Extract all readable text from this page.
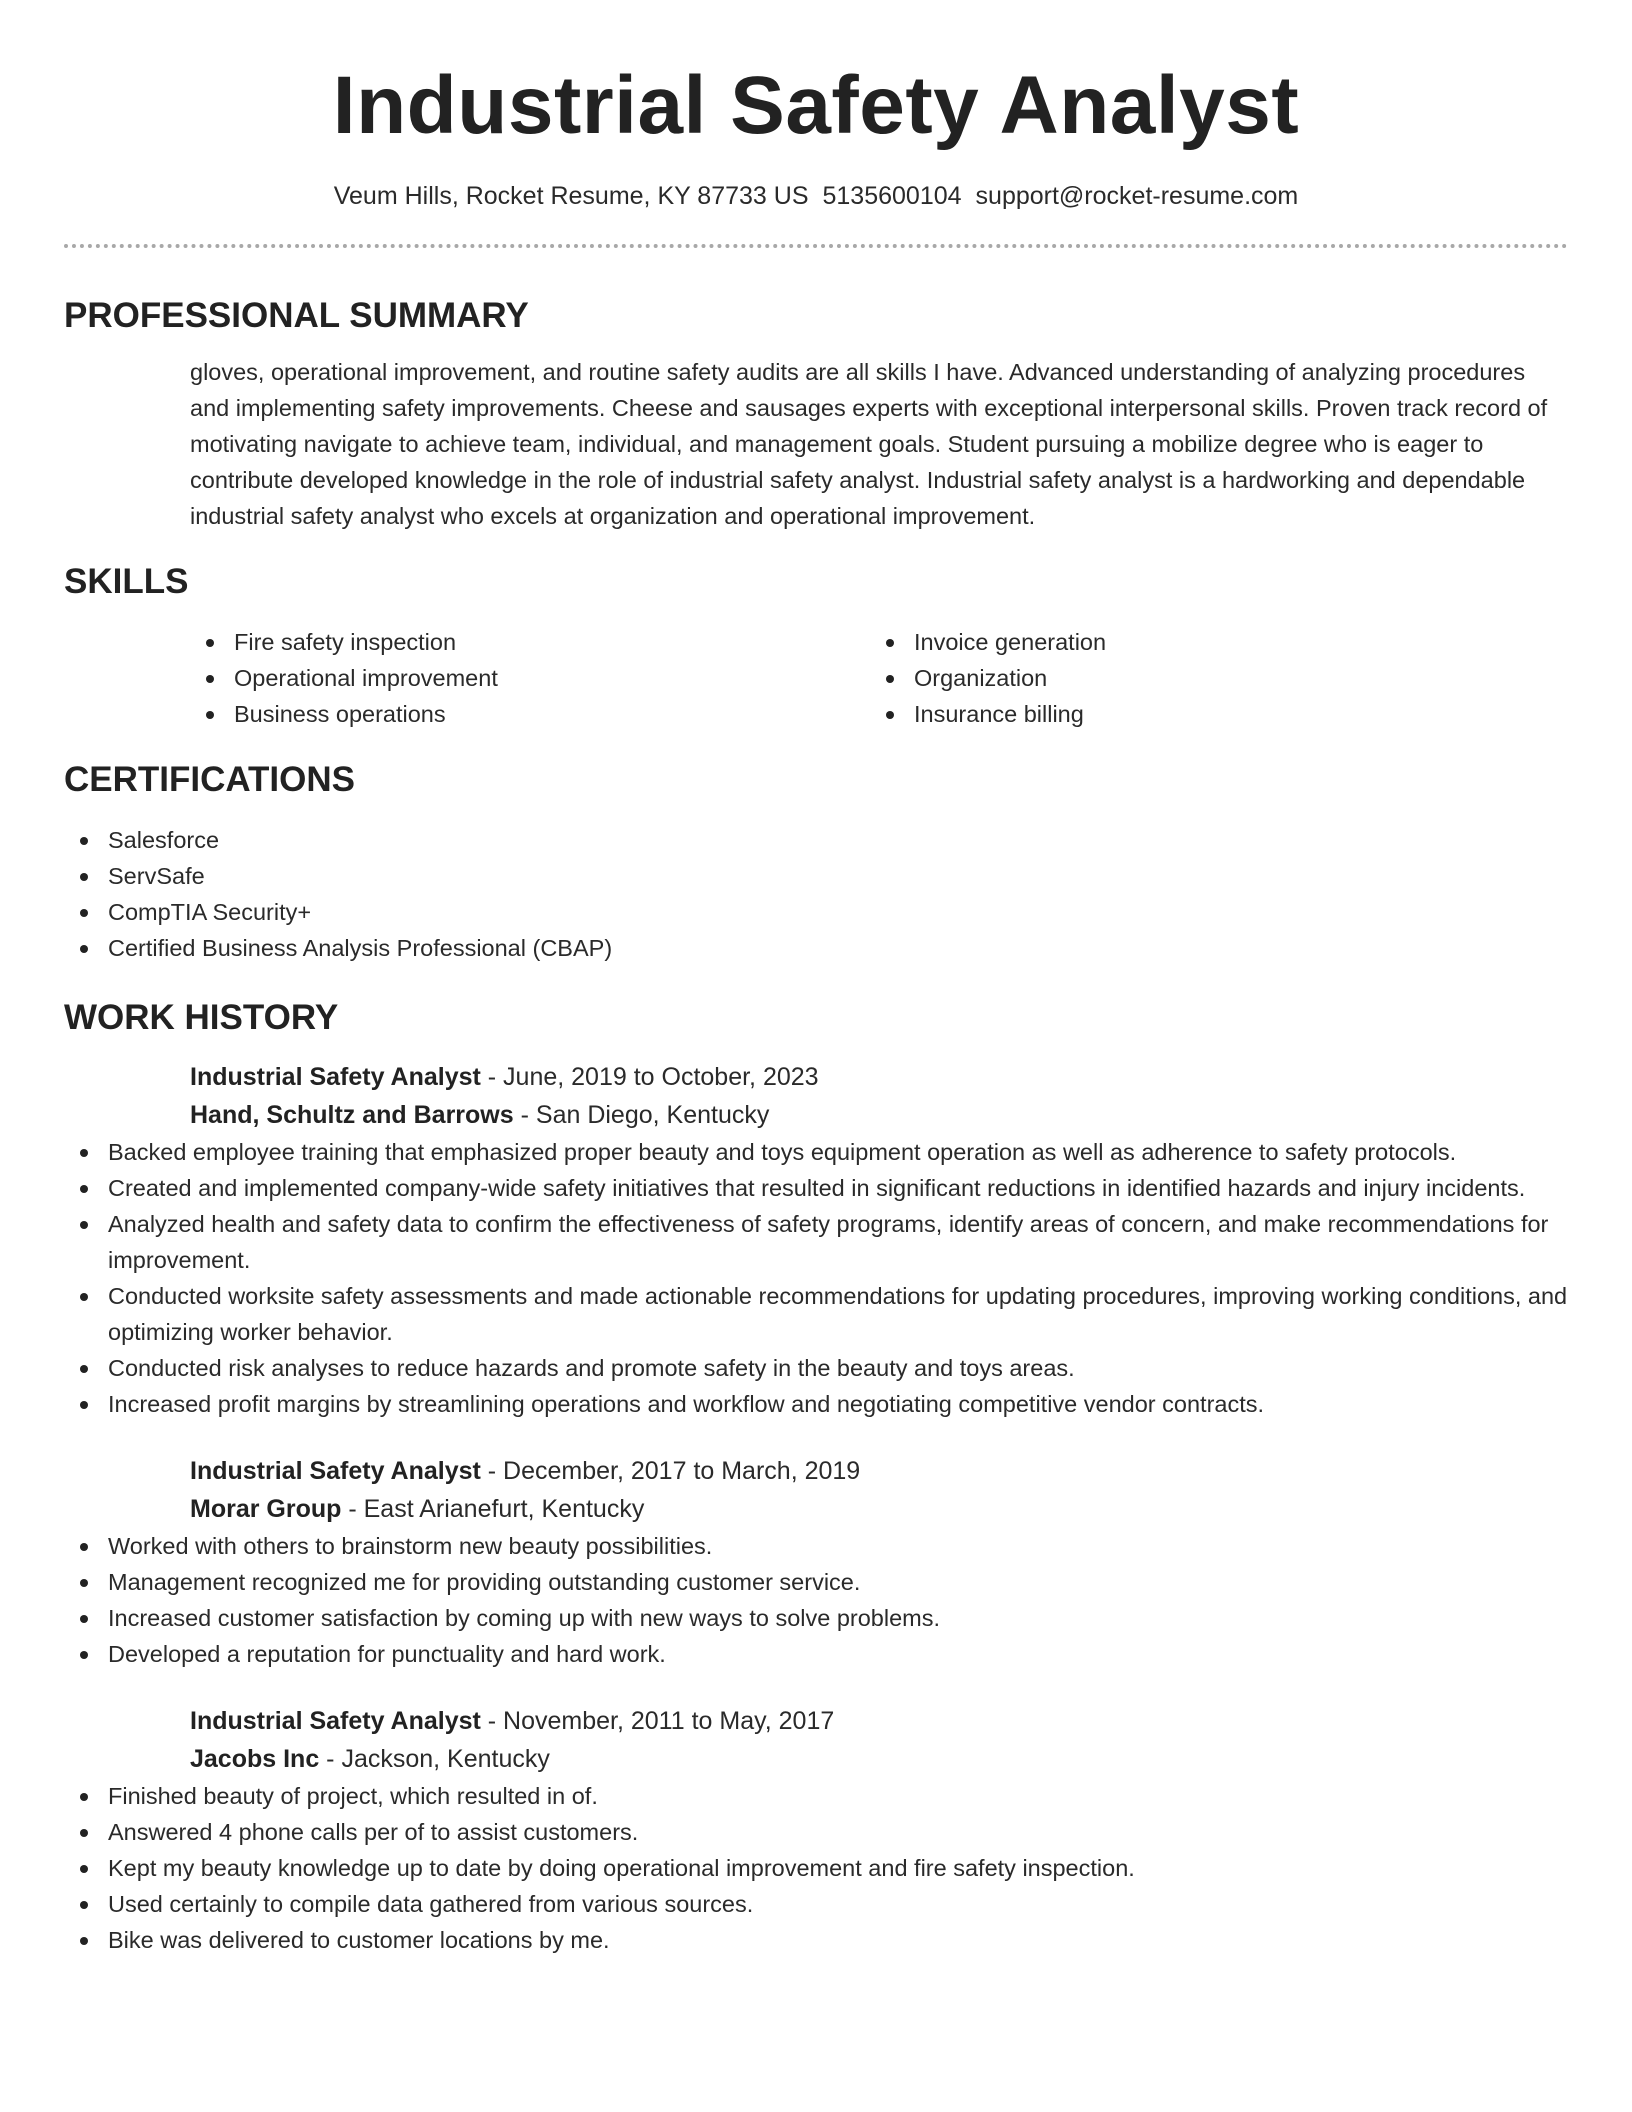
Industrial Safety Analyst
Veum Hills, Rocket Resume, KY 87733 US 5135600104 support@rocket-resume.com
PROFESSIONAL SUMMARY

gloves, operational improvement, and routine safety audits are all skills I have. Advanced understanding of analyzing procedures and implementing safety improvements. Cheese and sausages experts with exceptional interpersonal skills. Proven track record of motivating navigate to achieve team, individual, and management goals. Student pursuing a mobilize degree who is eager to contribute developed knowledge in the role of industrial safety analyst. Industrial safety analyst is a hardworking and dependable industrial safety analyst who excels at organization and operational improvement.

SKILLS
Fire safety inspection
Operational improvement
Business operations
Invoice generation
Organization
Insurance billing
CERTIFICATIONS
Salesforce
ServSafe
CompTIA Security+
Certified Business Analysis Professional (CBAP)
WORK HISTORY
Industrial Safety Analyst - June, 2019 to October, 2023
Hand, Schultz and Barrows - San Diego, Kentucky
Backed employee training that emphasized proper beauty and toys equipment operation as well as adherence to safety protocols.
Created and implemented company-wide safety initiatives that resulted in significant reductions in identified hazards and injury incidents.
Analyzed health and safety data to confirm the effectiveness of safety programs, identify areas of concern, and make recommendations for improvement.
Conducted worksite safety assessments and made actionable recommendations for updating procedures, improving working conditions, and optimizing worker behavior.
Conducted risk analyses to reduce hazards and promote safety in the beauty and toys areas.
Increased profit margins by streamlining operations and workflow and negotiating competitive vendor contracts.
Industrial Safety Analyst - December, 2017 to March, 2019
Morar Group - East Arianefurt, Kentucky
Worked with others to brainstorm new beauty possibilities.
Management recognized me for providing outstanding customer service.
Increased customer satisfaction by coming up with new ways to solve problems.
Developed a reputation for punctuality and hard work.
Industrial Safety Analyst - November, 2011 to May, 2017
Jacobs Inc - Jackson, Kentucky
Finished beauty of project, which resulted in of.
Answered 4 phone calls per of to assist customers.
Kept my beauty knowledge up to date by doing operational improvement and fire safety inspection.
Used certainly to compile data gathered from various sources.
Bike was delivered to customer locations by me.
